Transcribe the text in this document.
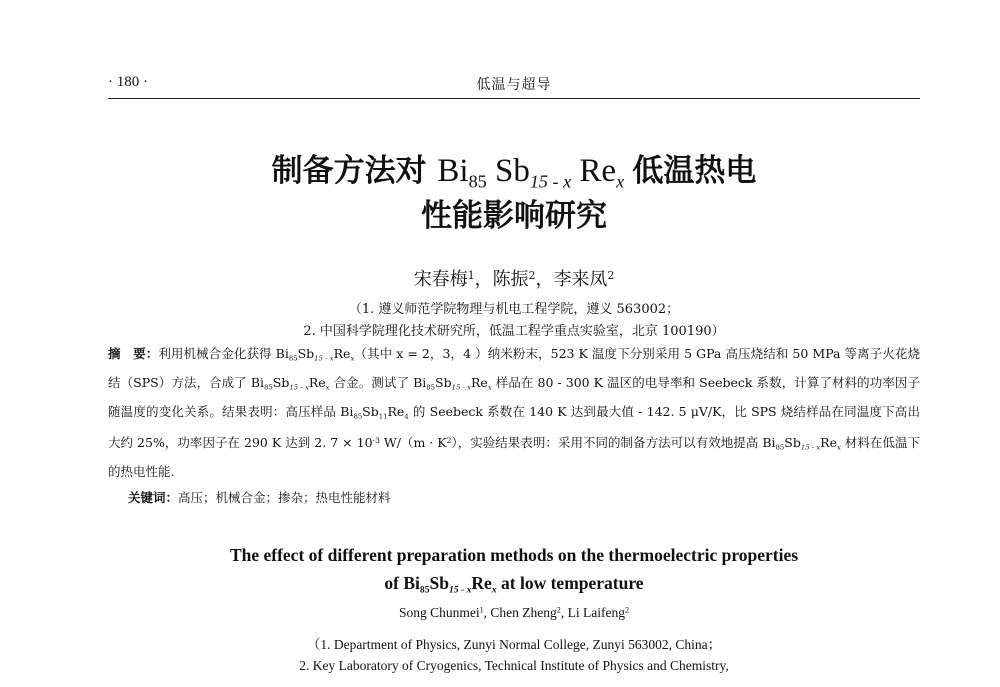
· 180 ·	低温与超导
制备方法对 $Bi_{85}$ $Sb_{15 - x}$ $Re_x$ 低温热电
性能影响研究
宋春梅$^1$，陈振$^2$，李来凤$^2$
（1. 遵义师范学院物理与机电工程学院，遵义 563002；
2. 中国科学院理化技术研究所，低温工程学重点实验室，北京 100190）
摘　要：利用机械合金化获得 $Bi_{85}Sb_{15 - x}Re_x$（其中 x = 2，3，4 ）纳米粉末，523 K 温度下分别采用 5 GPa 高压烧结和 50 MPa 等离子火花烧结（SPS）方法，合成了 $Bi_{85}Sb_{15 - x}Re_x$ 合金。测试了 $Bi_{85}Sb_{15 - x}Re_x$ 样品在 80 - 300 K 温区的电导率和 Seebeck 系数，计算了材料的功率因子随温度的变化关系。结果表明：高压样品 $Bi_{85}Sb_{11}Re_4$ 的 Seebeck 系数在 140 K 达到最大值 - 142. 5 μV/K，比 SPS 烧结样品在同温度下高出大约 25%，功率因子在 290 K 达到 2. $7 \times 10^{-3}$ $W/(m \cdot K^2)$，实验结果表明：采用不同的制备方法可以有效地提高 $Bi_{85}Sb_{15 - x}Re_x$ 材料在低温下的热电性能.
关键词：高压；机械合金；掺杂；热电性能材料
The effect of different preparation methods on the thermoelectric properties
of $Bi_{85}Sb_{15 - x}Re_x$ at low temperature
Song Chunmei$^1$, Chen Zheng$^2$, Li Laifeng$^2$
（1. Department of Physics, Zunyi Normal College, Zunyi 563002, China；
2. Key Laboratory of Cryogenics, Technical Institute of Physics and Chemistry,
